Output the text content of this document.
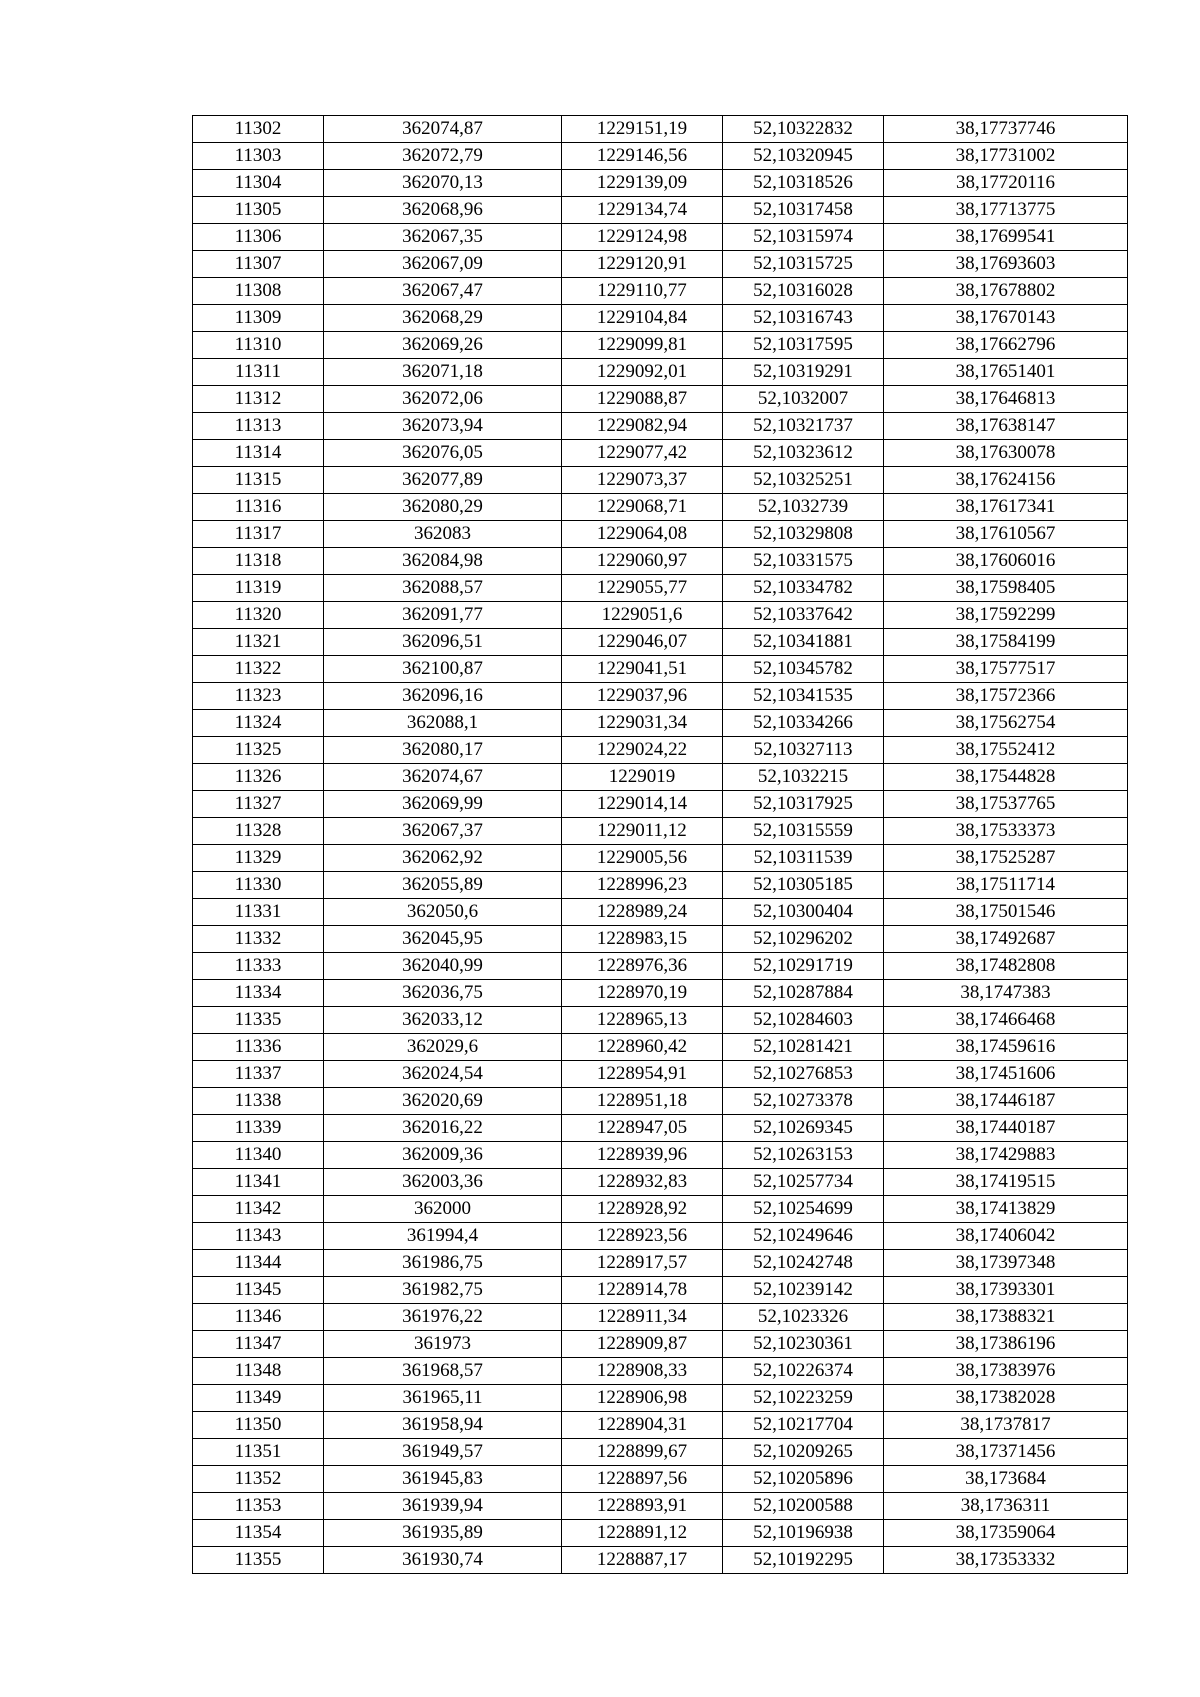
11302	362074,87	1229151,19	52,10322832	38,17737746
11303	362072,79	1229146,56	52,10320945	38,17731002
11304	362070,13	1229139,09	52,10318526	38,17720116
11305	362068,96	1229134,74	52,10317458	38,17713775
11306	362067,35	1229124,98	52,10315974	38,17699541
11307	362067,09	1229120,91	52,10315725	38,17693603
11308	362067,47	1229110,77	52,10316028	38,17678802
11309	362068,29	1229104,84	52,10316743	38,17670143
11310	362069,26	1229099,81	52,10317595	38,17662796
11311	362071,18	1229092,01	52,10319291	38,17651401
11312	362072,06	1229088,87	52,1032007	38,17646813
11313	362073,94	1229082,94	52,10321737	38,17638147
11314	362076,05	1229077,42	52,10323612	38,17630078
11315	362077,89	1229073,37	52,10325251	38,17624156
11316	362080,29	1229068,71	52,1032739	38,17617341
11317	362083	1229064,08	52,10329808	38,17610567
11318	362084,98	1229060,97	52,10331575	38,17606016
11319	362088,57	1229055,77	52,10334782	38,17598405
11320	362091,77	1229051,6	52,10337642	38,17592299
11321	362096,51	1229046,07	52,10341881	38,17584199
11322	362100,87	1229041,51	52,10345782	38,17577517
11323	362096,16	1229037,96	52,10341535	38,17572366
11324	362088,1	1229031,34	52,10334266	38,17562754
11325	362080,17	1229024,22	52,10327113	38,17552412
11326	362074,67	1229019	52,1032215	38,17544828
11327	362069,99	1229014,14	52,10317925	38,17537765
11328	362067,37	1229011,12	52,10315559	38,17533373
11329	362062,92	1229005,56	52,10311539	38,17525287
11330	362055,89	1228996,23	52,10305185	38,17511714
11331	362050,6	1228989,24	52,10300404	38,17501546
11332	362045,95	1228983,15	52,10296202	38,17492687
11333	362040,99	1228976,36	52,10291719	38,17482808
11334	362036,75	1228970,19	52,10287884	38,1747383
11335	362033,12	1228965,13	52,10284603	38,17466468
11336	362029,6	1228960,42	52,10281421	38,17459616
11337	362024,54	1228954,91	52,10276853	38,17451606
11338	362020,69	1228951,18	52,10273378	38,17446187
11339	362016,22	1228947,05	52,10269345	38,17440187
11340	362009,36	1228939,96	52,10263153	38,17429883
11341	362003,36	1228932,83	52,10257734	38,17419515
11342	362000	1228928,92	52,10254699	38,17413829
11343	361994,4	1228923,56	52,10249646	38,17406042
11344	361986,75	1228917,57	52,10242748	38,17397348
11345	361982,75	1228914,78	52,10239142	38,17393301
11346	361976,22	1228911,34	52,1023326	38,17388321
11347	361973	1228909,87	52,10230361	38,17386196
11348	361968,57	1228908,33	52,10226374	38,17383976
11349	361965,11	1228906,98	52,10223259	38,17382028
11350	361958,94	1228904,31	52,10217704	38,1737817
11351	361949,57	1228899,67	52,10209265	38,17371456
11352	361945,83	1228897,56	52,10205896	38,173684
11353	361939,94	1228893,91	52,10200588	38,1736311
11354	361935,89	1228891,12	52,10196938	38,17359064
11355	361930,74	1228887,17	52,10192295	38,17353332
